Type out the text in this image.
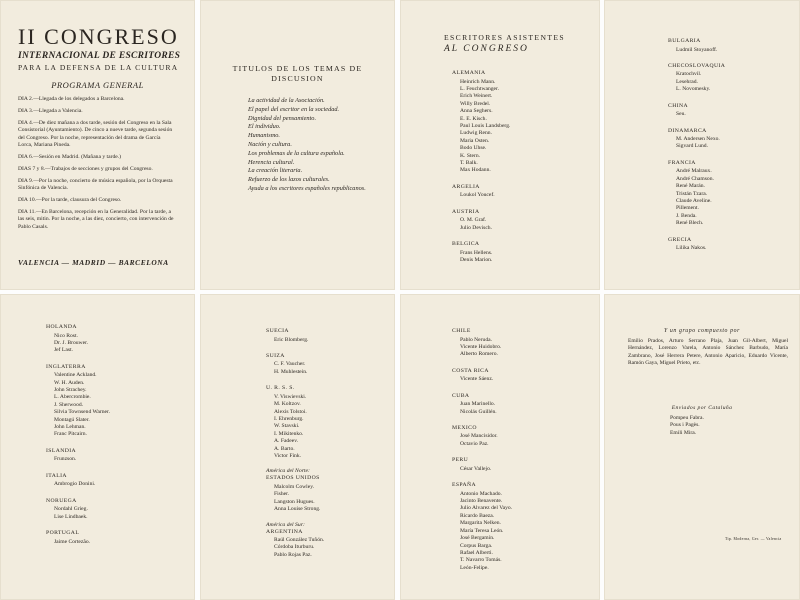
II CONGRESO
INTERNACIONAL DE ESCRITORES
PARA LA DEFENSA DE LA CULTURA
PROGRAMA GENERAL
DIA 2.—Llegada de los delegados a Barcelona.
DIA 3.—Llegada a Valencia.
DIA 4.—De diez mañana a dos tarde, sesión del Congreso en la Sala Consistorial (Ayuntamiento). De cinco a nueve tarde, segunda sesión del Congreso. Por la noche, representación del drama de García Lorca, Mariana Pineda.
DIA 6.—Sesión en Madrid. (Mañana y tarde.)
DIAS 7 y 8.—Trabajos de secciones y grupos del Congreso.
DIA 9.—Por la noche, concierto de música española, por la Orquesta Sinfónica de Valencia.
DIA 10.—Por la tarde, clausura del Congreso.
DIA 11.—En Barcelona, recepción en la Generalidad. Por la tarde, a las seis, mitin. Por la noche, a las diez, concierto, con intervención de Pablo Casals.
VALENCIA — MADRID — BARCELONA
TITULOS DE LOS TEMAS DE
DISCUSION
La actividad de la Asociación.
El papel del escritor en la sociedad.
Dignidad del pensamiento.
El individuo.
Humanismo.
Nación y cultura.
Los problemas de la cultura española.
Herencia cultural.
La creación literaria.
Refuerzo de los lazos culturales.
Ayuda a los escritores españoles republicanos.
ESCRITORES ASISTENTES
AL CONGRESO
ALEMANIA
Heinrich Mann.
L. Feuchtwanger.
Erich Weinert.
Willy Bredel.
Anna Seghers.
E. E. Kisch.
Paul Louis Landsberg.
Ludwig Renn.
Maria Osten.
Bodo Uhse.
K. Stern.
T. Balk.
Max Hodann.
ARGELIA
Loukol Youcef.
AUSTRIA
O. M. Graf.
Julio Devisch.
BELGICA
Frans Hellens.
Denis Marion.
BULGARIA
Ludmil Stoyanoff.
CHECOSLOVAQUIA
Kratochvil.
Lesehrad.
L. Novomesky.
CHINA
Seu.
DINAMARCA
M. Andersen Nexo.
Sigvard Lund.
FRANCIA
André Malraux.
André Chamson.
René Marán.
Tristán Tzara.
Claude Aveline.
Pillement.
J. Benda.
René Blech.
GRECIA
Lilika Nakos.
HOLANDA
Nico Rost.
Dr. J. Brouwer.
Jef Last.
INGLATERRA
Valentine Ackland.
W. H. Auden.
John Strachey.
L. Abercrombie.
J. Sherwood.
Silvia Townsend Warner.
Montagú Slater.
John Lehman.
Franc Pitcairn.
ISLANDIA
Frunzson.
ITALIA
Ambrogio Donini.
NORUEGA
Nordahl Grieg.
Lise Lindbaek.
PORTUGAL
Jaime Cortezão.
SUECIA
Eric Blomberg.
SUIZA
C. F. Vaucher.
H. Muhlestein.
U. R. S. S.
V. Viswievski.
M. Koltzov.
Alexis Tolstoi.
I. Ehrenburg.
W. Stavski.
I. Mikitenko.
A. Fadeev.
A. Barto.
Victor Fink.
América del Norte:
ESTADOS UNIDOS
Malcolm Cowley.
Fisher.
Langston Hugues.
Anna Louise Strong.
América del Sur:
ARGENTINA
Raúl González Tuñón.
Córdoba Iturburu.
Pablo Rojas Paz.
CHILE
Pablo Neruda.
Vicente Huidobro.
Alberto Romero.
COSTA RICA
Vicente Sáenz.
CUBA
Juan Marinello.
Nicolás Guillén.
MEXICO
José Mancisidor.
Octavio Paz.
PERU
César Vallejo.
ESPAÑA
Antonio Machado.
Jacinto Benavente.
Julio Alvarez del Vayo.
Ricardo Baeza.
Margarita Nelken.
María Teresa León.
José Bergamín.
Corpus Barga.
Rafael Alberti.
T. Navarro Tomás.
León-Felipe.
Y un grupo compuesto por
Emilio Prados, Arturo Serrano Plaja, Juan Gil-Albert, Miguel Hernández, Lorenzo Varela, Antonio Sánchez Barbudo, María Zambrano, José Herrera Petere, Antonio Aparicio, Eduardo Vicente, Ramón Gaya, Miguel Prieto, etc.
Enviados por Cataluña
Pompeu Fabra.
Pous i Pagès.
Emili Mira.
Tip. Moderna, Ger. — Valencia
